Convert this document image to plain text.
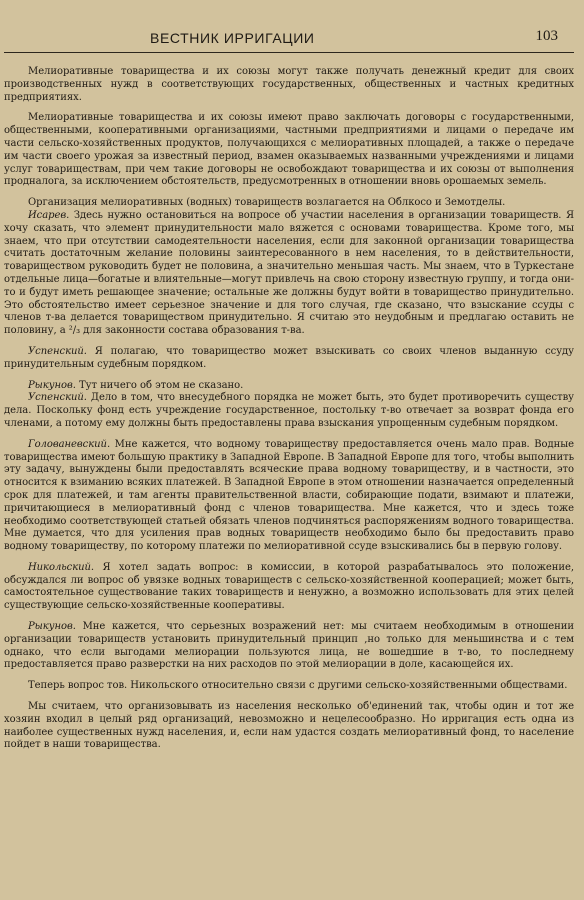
ВЕСТНИК ИРРИГАЦИИ	103

Мелиоративные товарищества и их союзы могут также получать денежный кредит для своих производственных нужд в соответствующих государственных, общественных и частных кредитных предприятиях.

Мелиоративные товарищества и их союзы имеют право заключать договоры с государственными, общественными, кооперативными организациями, частными предприятиями и лицами о передаче им части сельско-хозяйственных продуктов, получающихся с мелиоративных площадей, а также о передаче им части своего урожая за известный период, взамен оказываемых названными учреждениями и лицами услуг товариществам, при чем такие договоры не освобождают товарищества и их союзы от выполнения продналога, за исключением обстоятельств, предусмотренных в отношении вновь орошаемых земель.

Организация мелиоративных (водных) товариществ возлагается на Облкосо и Земотделы.

Исарев. Здесь нужно остановиться на вопросе об участии населения в организации товариществ. Я хочу сказать, что элемент принудительности мало вяжется с основами товарищества. Кроме того, мы знаем, что при отсутствии самодеятельности населения, если для законной организации товарищества считать достаточным желание половины заинтересованного в нем населения, то в действительности, товариществом руководить будет не половина, а значительно меньшая часть. Мы знаем, что в Туркестане отдельные лица—богатые и влиятельные—могут привлечь на свою сторону известную группу, и тогда они-то и будут иметь решающее значение; остальные же должны будут войти в товарищество принудительно. Это обстоятельство имеет серьезное значение и для того случая, где сказано, что взыскание ссуды с членов т-ва делается товариществом принудительно. Я считаю это неудобным и предлагаю оставить не половину, а ²/₃ для законности состава образования т-ва.

Успенский. Я полагаю, что товарищество может взыскивать со своих членов выданную ссуду принудительным судебным порядком.

Рыкунов. Тут ничего об этом не сказано.

Успенский. Дело в том, что внесудебного порядка не может быть, это будет противоречить существу дела. Поскольку фонд есть учреждение государственное, постольку т-во отвечает за возврат фонда его членами, а потому ему должны быть предоставлены права взыскания упрощенным судебным порядком.

Голованевский. Мне кажется, что водному товариществу предоставляется очень мало прав. Водные товарищества имеют большую практику в Западной Европе. В Западной Европе для того, чтобы выполнить эту задачу, вынуждены были предоставлять всяческие права водному товариществу, и в частности, это относится к взиманию всяких платежей. В Западной Европе в этом отношении назначается определенный срок для платежей, и там агенты правительственной власти, собирающие подати, взимают и платежи, причитающиеся в мелиоративный фонд с членов товарищества. Мне кажется, что и здесь тоже необходимо соответствующей статьей обязать членов подчиняться распоряжениям водного товарищества. Мне думается, что для усиления прав водных товариществ необходимо было бы предоставить право водному товариществу, по которому платежи по мелиоративной ссуде взыскивались бы в первую голову.

Никольский. Я хотел задать вопрос: в комиссии, в которой разрабатывалось это положение, обсуждался ли вопрос об увязке водных товариществ с сельско-хозяйственной кооперацией; может быть, самостоятельное существование таких товариществ и ненужно, а возможно использовать для этих целей существующие сельско-хозяйственные кооперативы.

Рыкунов. Мне кажется, что серьезных возражений нет: мы считаем необходимым в отношении организации товариществ установить принудительный принцип ,но только для меньшинства и с тем однако, что если выгодами мелиорации пользуются лица, не вошедшие в т-во, то последнему предоставляется право разверстки на них расходов по этой мелиорации в доле, касающейся их.

Теперь вопрос тов. Никольского относительно связи с другими сельско-хозяйственными обществами.

Мы считаем, что организовывать из населения несколько об'единений так, чтобы один и тот же хозяин входил в целый ряд организаций, невозможно и нецелесообразно. Но ирригация есть одна из наиболее существенных нужд населения, и, если нам удастся создать мелиоративный фонд, то население пойдет в наши товарищества.
